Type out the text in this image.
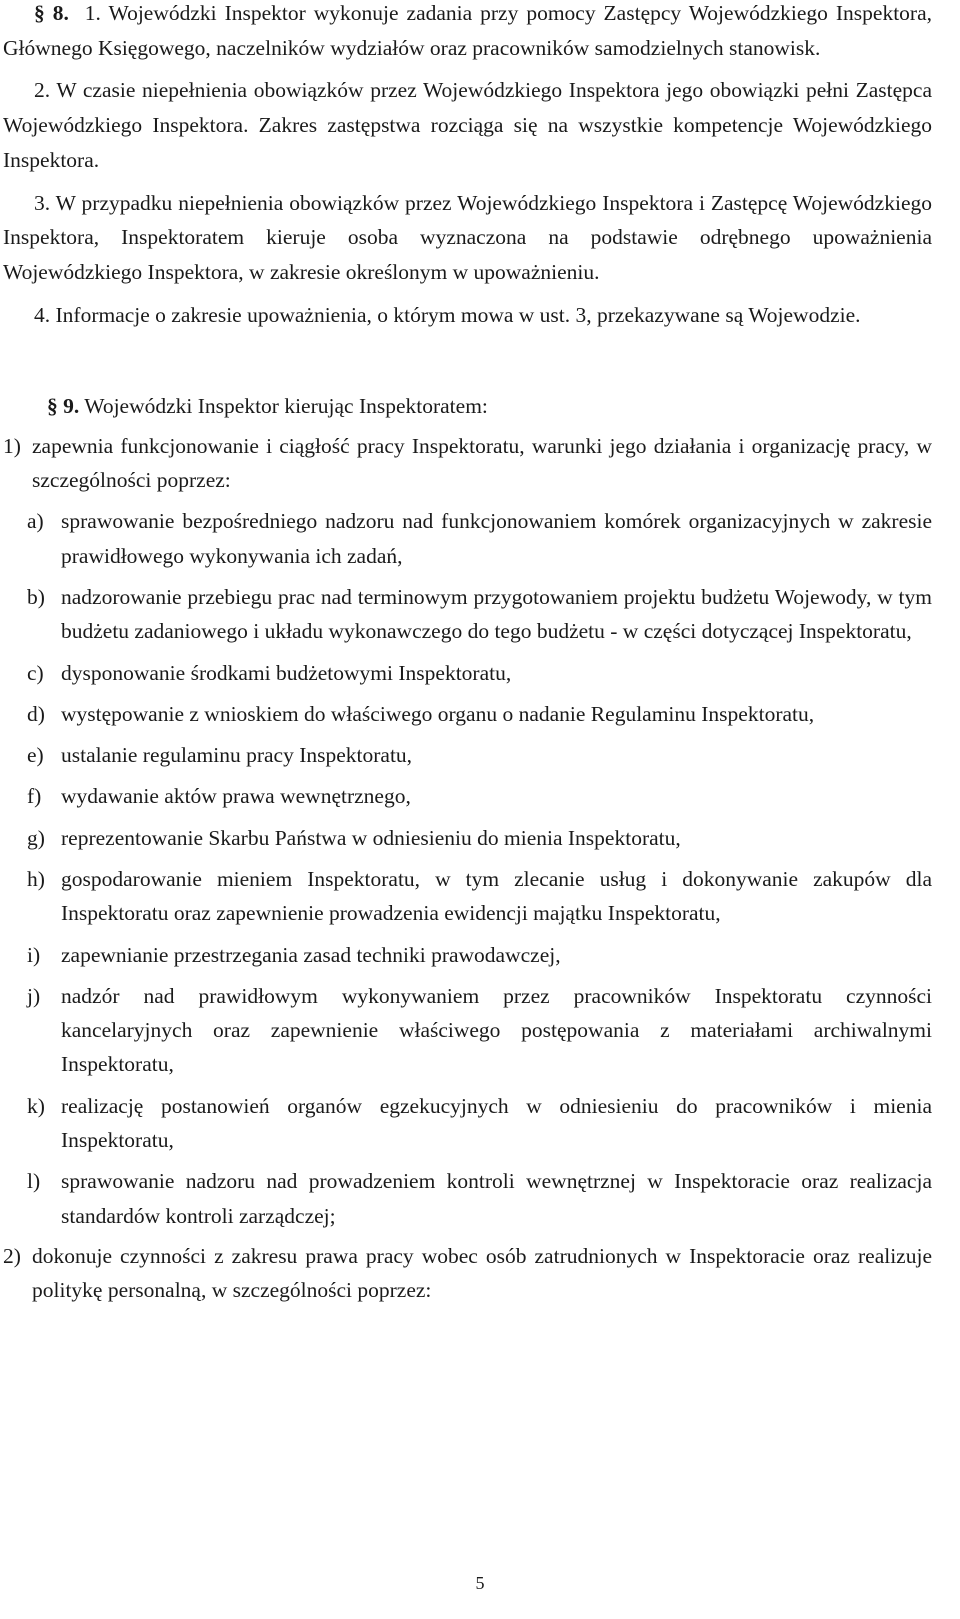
§ 8. 1. Wojewódzki Inspektor wykonuje zadania przy pomocy Zastępcy Wojewódzkiego Inspektora, Głównego Księgowego, naczelników wydziałów oraz pracowników samodzielnych stanowisk.

2. W czasie niepełnienia obowiązków przez Wojewódzkiego Inspektora jego obowiązki pełni Zastępca Wojewódzkiego Inspektora. Zakres zastępstwa rozciąga się na wszystkie kompetencje Wojewódzkiego Inspektora.

3. W przypadku niepełnienia obowiązków przez Wojewódzkiego Inspektora i Zastępcę Wojewódzkiego Inspektora, Inspektoratem kieruje osoba wyznaczona na podstawie odrębnego upoważnienia Wojewódzkiego Inspektora, w zakresie określonym w upoważnieniu.

4. Informacje o zakresie upoważnienia, o którym mowa w ust. 3, przekazywane są Wojewodzie.

§ 9. Wojewódzki Inspektor kierując Inspektoratem:

1) zapewnia funkcjonowanie i ciągłość pracy Inspektoratu, warunki jego działania i organizację pracy, w szczególności poprzez:
a) sprawowanie bezpośredniego nadzoru nad funkcjonowaniem komórek organizacyjnych w zakresie prawidłowego wykonywania ich zadań,
b) nadzorowanie przebiegu prac nad terminowym przygotowaniem projektu budżetu Wojewody, w tym budżetu zadaniowego i układu wykonawczego do tego budżetu - w części dotyczącej Inspektoratu,
c) dysponowanie środkami budżetowymi Inspektoratu,
d) występowanie z wnioskiem do właściwego organu o nadanie Regulaminu Inspektoratu,
e) ustalanie regulaminu pracy Inspektoratu,
f) wydawanie aktów prawa wewnętrznego,
g) reprezentowanie Skarbu Państwa w odniesieniu do mienia Inspektoratu,
h) gospodarowanie mieniem Inspektoratu, w tym zlecanie usług i dokonywanie zakupów dla Inspektoratu oraz zapewnienie prowadzenia ewidencji majątku Inspektoratu,
i) zapewnianie przestrzegania zasad techniki prawodawczej,
j) nadzór nad prawidłowym wykonywaniem przez pracowników Inspektoratu czynności kancelaryjnych oraz zapewnienie właściwego postępowania z materiałami archiwalnymi Inspektoratu,
k) realizację postanowień organów egzekucyjnych w odniesieniu do pracowników i mienia Inspektoratu,
l) sprawowanie nadzoru nad prowadzeniem kontroli wewnętrznej w Inspektoracie oraz realizacja standardów kontroli zarządczej;
2) dokonuje czynności z zakresu prawa pracy wobec osób zatrudnionych w Inspektoracie oraz realizuje politykę personalną, w szczególności poprzez:
5
